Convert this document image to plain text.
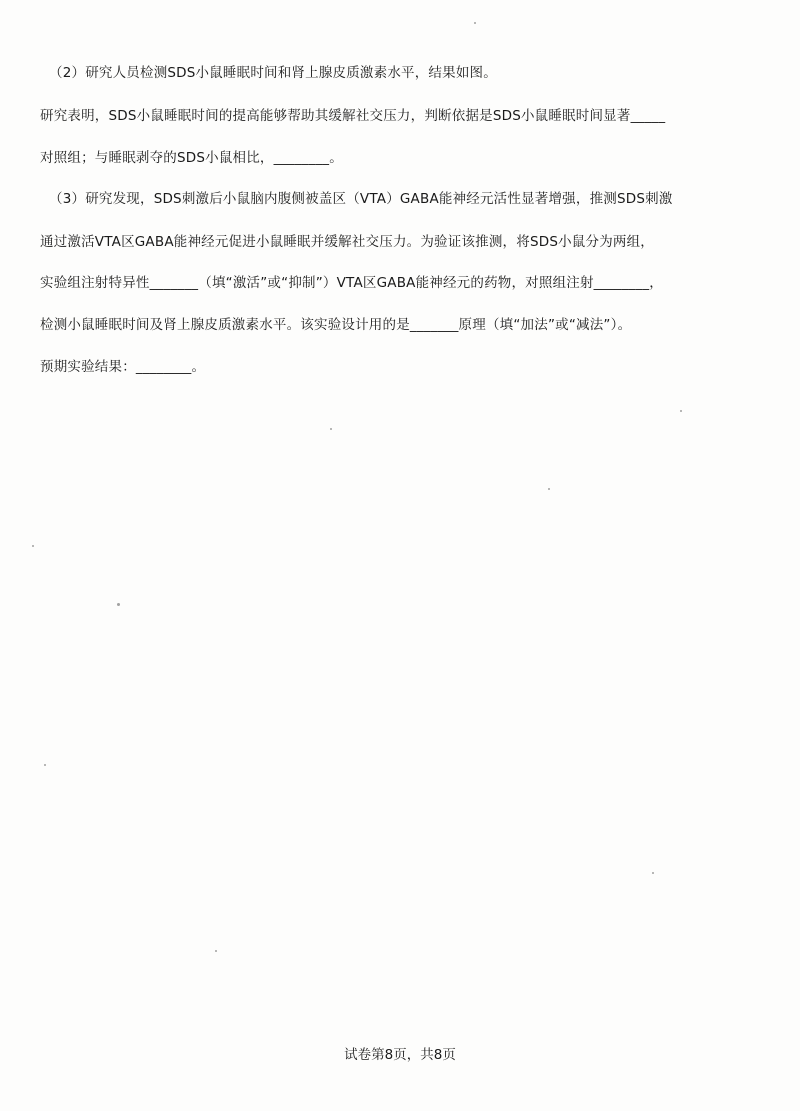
（2）研究人员检测SDS小鼠睡眠时间和肾上腺皮质激素水平，结果如图。
研究表明，SDS小鼠睡眠时间的提高能够帮助其缓解社交压力，判断依据是SDS小鼠睡眠时间显著_____
对照组；与睡眠剥夺的SDS小鼠相比，________。
（3）研究发现，SDS刺激后小鼠脑内腹侧被盖区（VTA）GABA能神经元活性显著增强，推测SDS刺激
通过激活VTA区GABA能神经元促进小鼠睡眠并缓解社交压力。为验证该推测，将SDS小鼠分为两组，
实验组注射特异性_______（填“激活”或“抑制”）VTA区GABA能神经元的药物，对照组注射________，
检测小鼠睡眠时间及肾上腺皮质激素水平。该实验设计用的是_______原理（填“加法”或“减法”）。
预期实验结果：________。
试卷第8页，共8页
